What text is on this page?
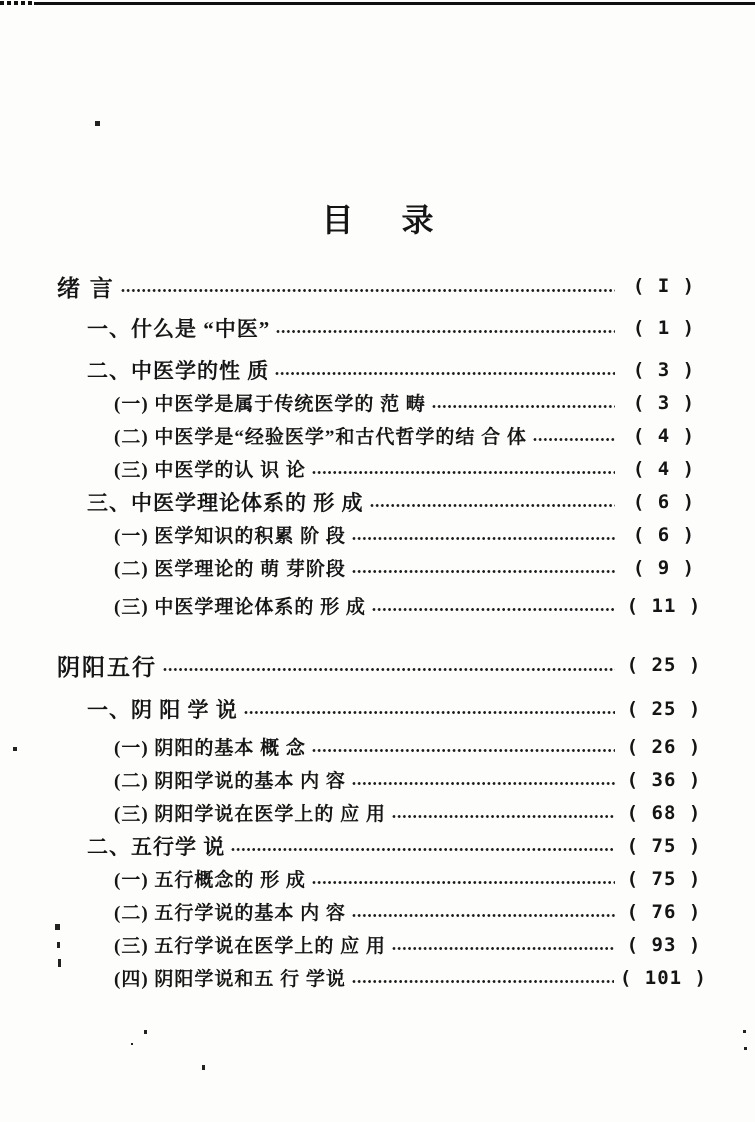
目 录
绪 言	( I )
一、什么是 “中医”	( 1 )
二、中医学的性 质	( 3 )
(一) 中医学是属于传统医学的 范 畴	( 3 )
(二) 中医学是“经验医学”和古代哲学的结 合 体	( 4 )
(三) 中医学的认 识 论	( 4 )
三、中医学理论体系的 形 成	( 6 )
(一) 医学知识的积累 阶 段	( 6 )
(二) 医学理论的 萌 芽阶段	( 9 )
(三) 中医学理论体系的 形 成	( 11 )
阴阳五行	( 25 )
一、阴 阳 学 说	( 25 )
(一) 阴阳的基本 概 念	( 26 )
(二) 阴阳学说的基本 内 容	( 36 )
(三) 阴阳学说在医学上的 应 用	( 68 )
二、五行学 说	( 75 )
(一) 五行概念的 形 成	( 75 )
(二) 五行学说的基本 内 容	( 76 )
(三) 五行学说在医学上的 应 用	( 93 )
(四) 阴阳学说和五 行 学说	( 101 )
